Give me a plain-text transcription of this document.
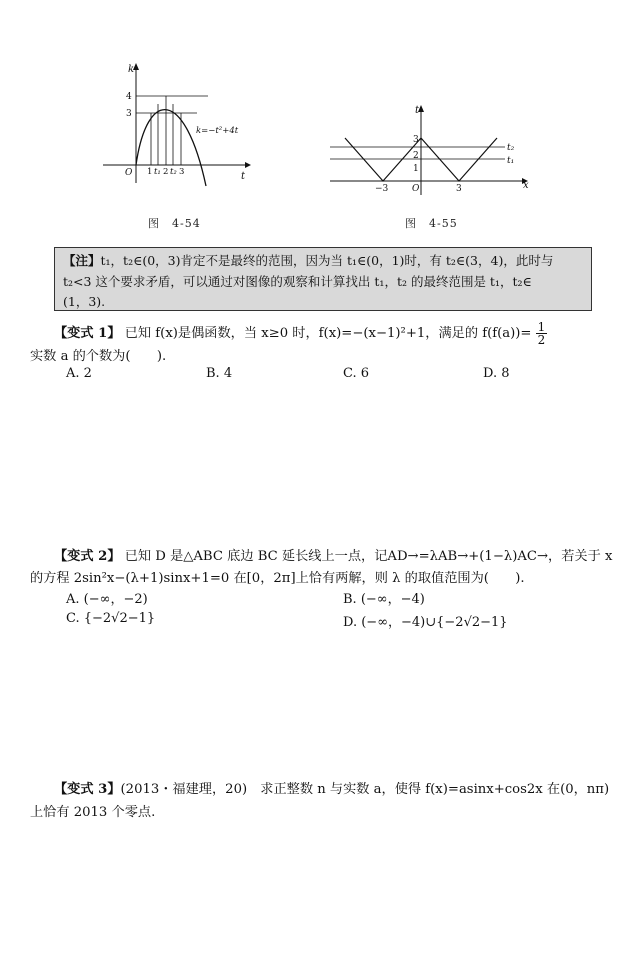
k
t
O
4
3
1 t₁ 2 t₂ 3
k=−t²+4t
图　4-54
t
x
O
3
2
1
−3	3
t₂
t₁
图　4-55
【注】t₁，t₂∈(0，3)肯定不是最终的范围，因为当 t₁∈(0，1)时，有 t₂∈(3，4)，此时与
t₂<3 这个要求矛盾，可以通过对图像的观察和计算找出 t₁，t₂ 的最终范围是 t₁，t₂∈
(1，3).
【变式 1】 已知 f(x)是偶函数，当 x≥0 时，f(x)=−(x−1)²+1，满足的 $f(f(a))= \frac{1}{2}$
实数 a 的个数为(　　).
A. 2	B. 4	C. 6	D. 8
【变式 2】 已知 D 是△ABC 底边 BC 延长线上一点，记AD→=λAB→+(1−λ)AC→，若关于 x
的方程 2sin²x−(λ+1)sinx+1=0 在[0，2π]上恰有两解，则 λ 的取值范围为(　　).
A. (−∞，−2)	B. (−∞，−4)
C. {−2√2−1}	D. (−∞，−4)∪{−2√2−1}
【变式 3】(2013・福建理，20)　求正整数 n 与实数 a，使得 f(x)=asinx+cos2x 在(0，nπ)
上恰有 2013 个零点.
